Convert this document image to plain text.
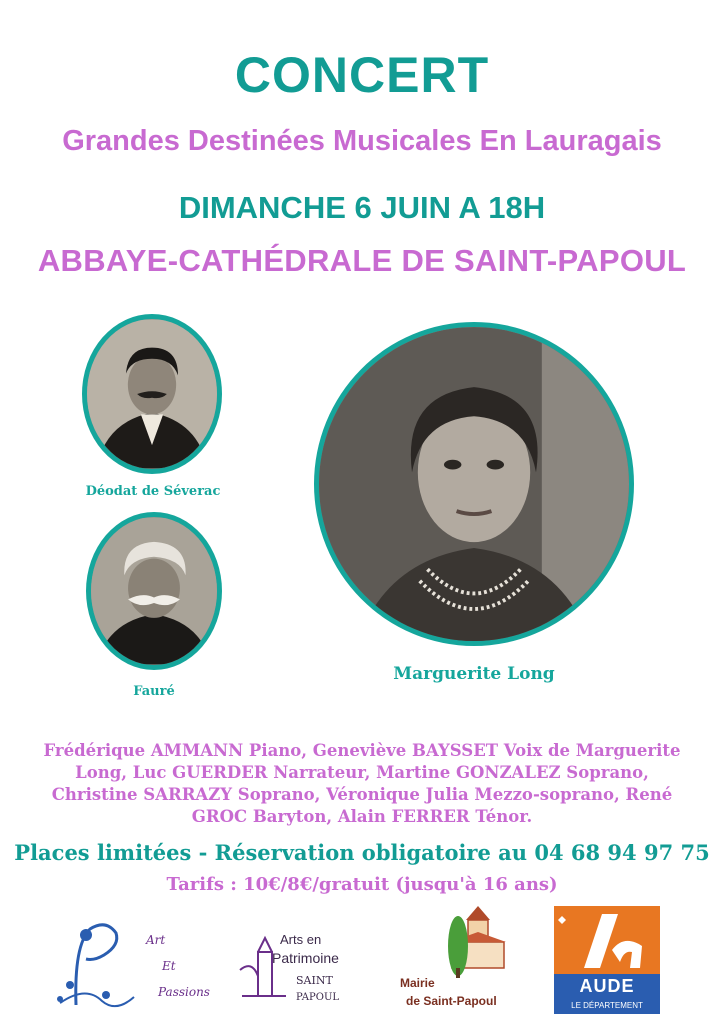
CONCERT
Grandes Destinées Musicales En Lauragais
DIMANCHE 6 JUIN A 18H
ABBAYE-CATHÉDRALE DE SAINT-PAPOUL
Déodat de Séverac
Fauré
Marguerite Long
Frédérique AMMANN Piano, Geneviève BAYSSET Voix de Marguerite Long, Luc GUERDER Narrateur, Martine GONZALEZ Soprano, Christine SARRAZY Soprano, Véronique Julia Mezzo-soprano, René GROC Baryton, Alain FERRER Ténor.
Places limitées - Réservation obligatoire au 04 68 94 97 75
Tarifs : 10€/8€/gratuit (jusqu'à 16 ans)
Art
Et
Passions
Arts en
Patrimoine
SAINT
PAPOUL
Mairie
de Saint-Papoul
AUDE
LE DÉPARTEMENT
